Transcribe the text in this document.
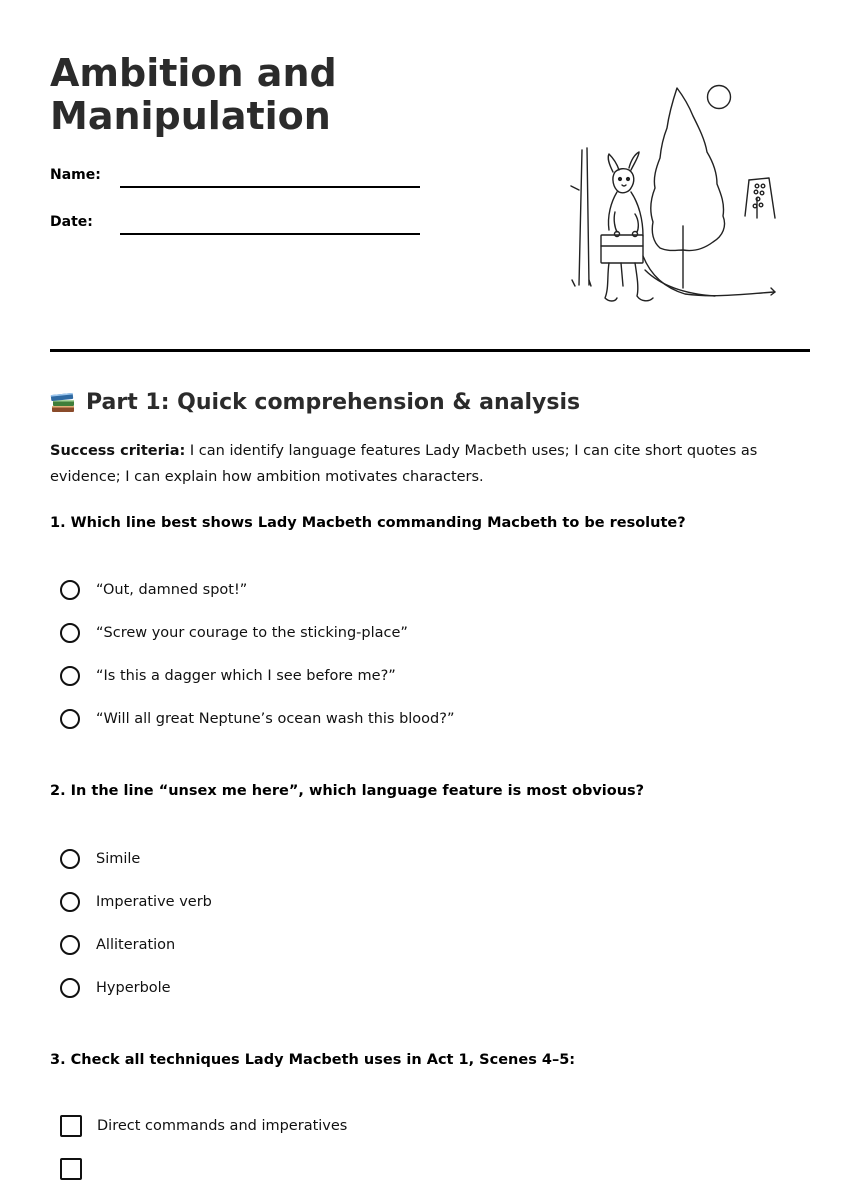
Ambition and Manipulation
Name:
Date:
Part 1: Quick comprehension & analysis
Success criteria: I can identify language features Lady Macbeth uses; I can cite short quotes as evidence; I can explain how ambition motivates characters.
1. Which line best shows Lady Macbeth commanding Macbeth to be resolute?
“Out, damned spot!”
“Screw your courage to the sticking-place”
“Is this a dagger which I see before me?”
“Will all great Neptune’s ocean wash this blood?”
2. In the line “unsex me here”, which language feature is most obvious?
Simile
Imperative verb
Alliteration
Hyperbole
3. Check all techniques Lady Macbeth uses in Act 1, Scenes 4–5:
Direct commands and imperatives
